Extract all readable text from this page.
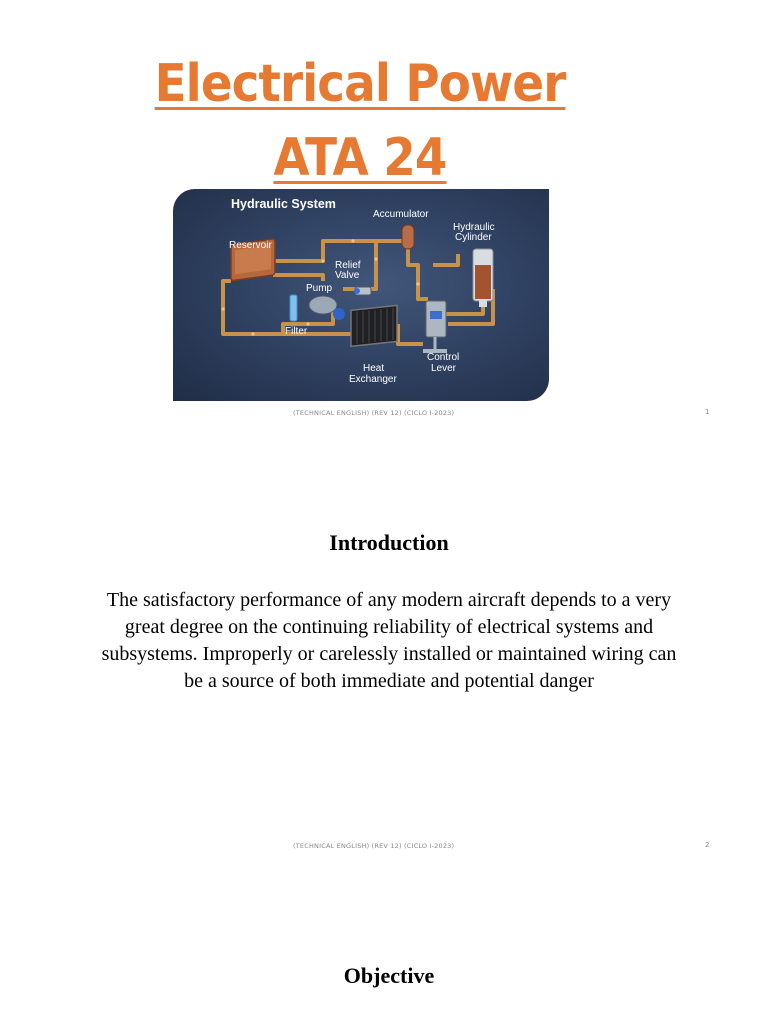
Electrical Power
ATA 24
Hydraulic System
Accumulator
Hydraulic
Cylinder
Reservoir
Relief
Valve
Pump
Filter
Control
Lever
Heat
Exchanger
(TECHNICAL ENGLISH) (REV 12) (CICLO I-2023)	1
Introduction
The satisfactory performance of any modern aircraft depends to a very great degree on the continuing reliability of electrical systems and subsystems. Improperly or carelessly installed or maintained wiring can be a source of both immediate and potential danger
(TECHNICAL ENGLISH) (REV 12) (CICLO I-2023)	2
Objective
